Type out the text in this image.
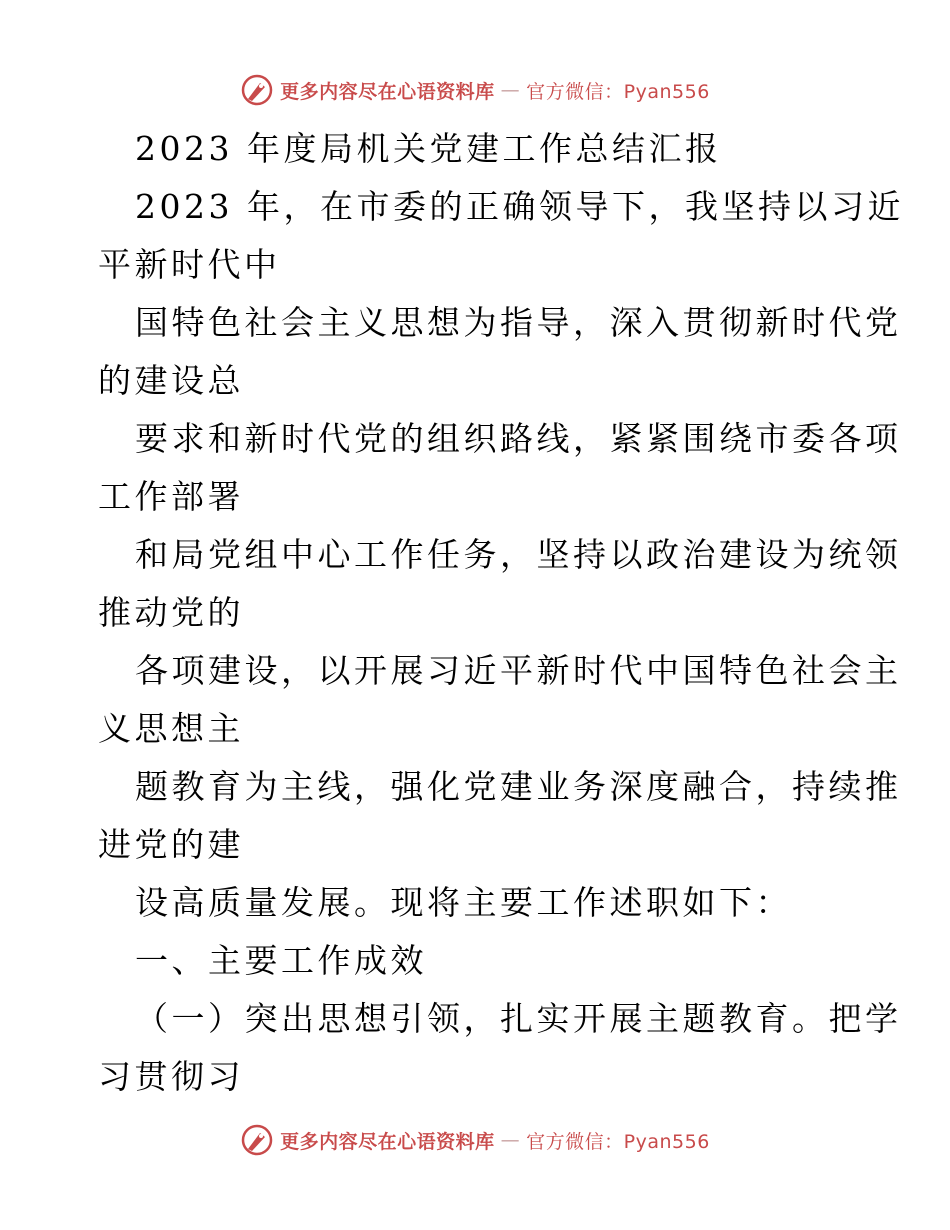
更多内容尽在心语资料库 — 官方微信：Pyan556
2023 年度局机关党建工作总结汇报
2023 年，在市委的正确领导下，我坚持以习近
平新时代中
国特色社会主义思想为指导，深入贯彻新时代党
的建设总
要求和新时代党的组织路线，紧紧围绕市委各项
工作部署
和局党组中心工作任务，坚持以政治建设为统领
推动党的
各项建设，以开展习近平新时代中国特色社会主
义思想主
题教育为主线，强化党建业务深度融合，持续推
进党的建
设高质量发展。现将主要工作述职如下：
一、主要工作成效
（一）突出思想引领，扎实开展主题教育。把学
习贯彻习
更多内容尽在心语资料库 — 官方微信：Pyan556
